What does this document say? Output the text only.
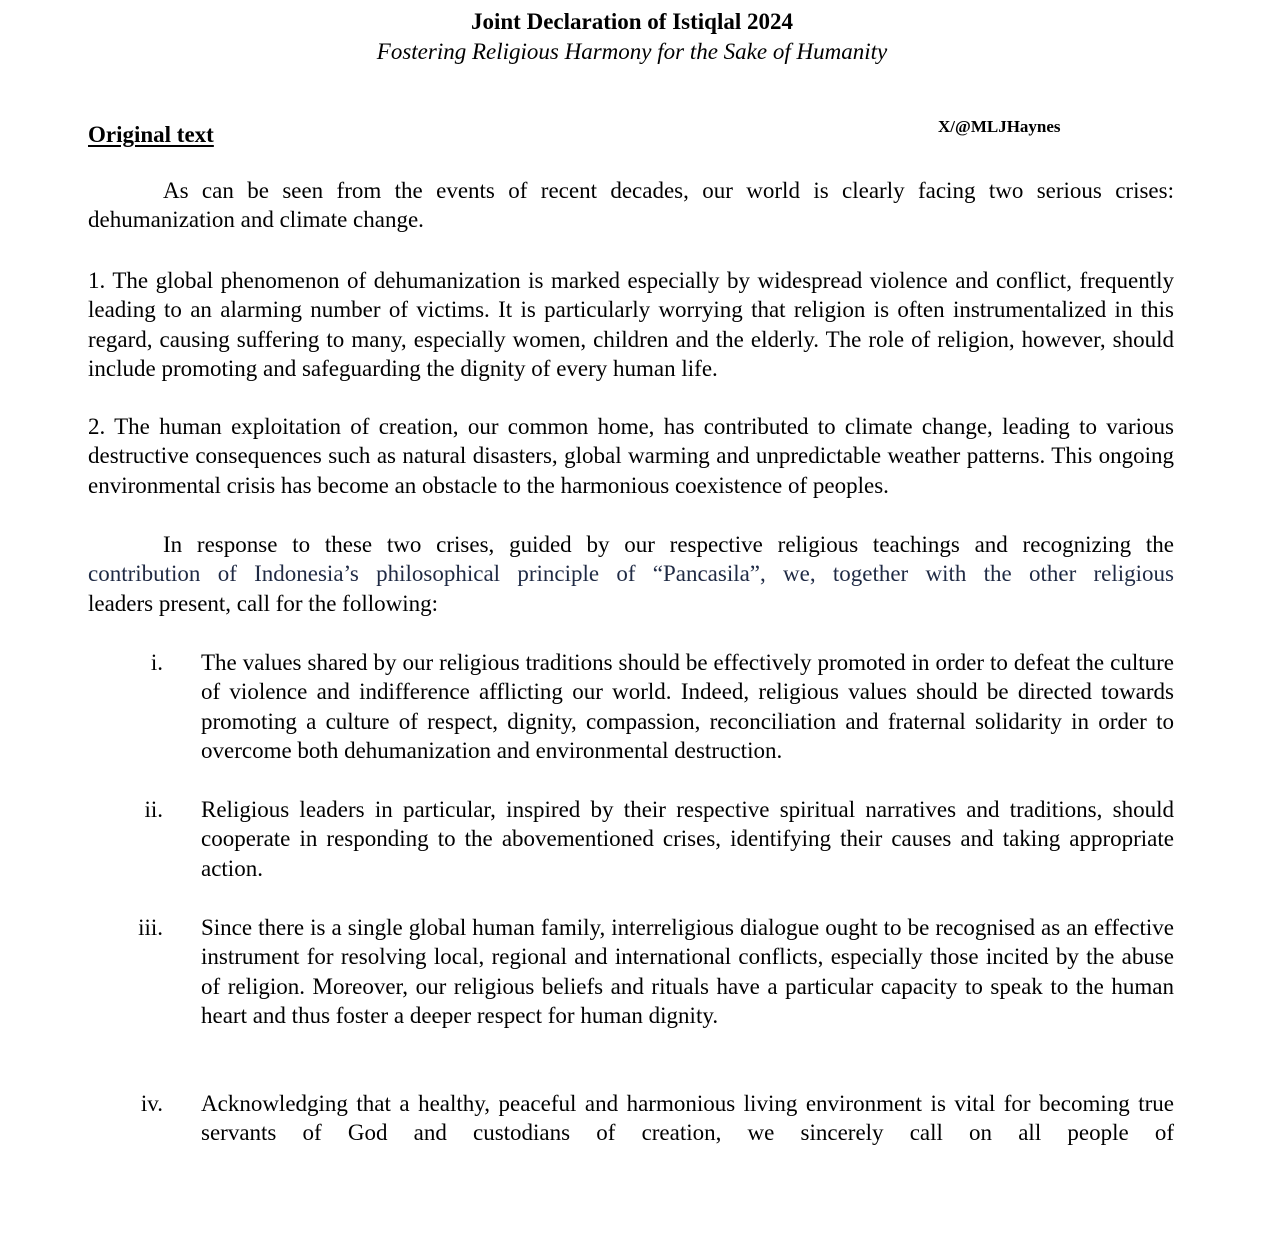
Joint Declaration of Istiqlal 2024
Fostering Religious Harmony for the Sake of Humanity
Original text	X/@MLJHaynes

As can be seen from the events of recent decades, our world is clearly facing two serious crises: dehumanization and climate change.

1. The global phenomenon of dehumanization is marked especially by widespread violence and conflict, frequently leading to an alarming number of victims. It is particularly worrying that religion is often instrumentalized in this regard, causing suffering to many, especially women, children and the elderly. The role of religion, however, should include promoting and safeguarding the dignity of every human life.

2. The human exploitation of creation, our common home, has contributed to climate change, leading to various destructive consequences such as natural disasters, global warming and unpredictable weather patterns. This ongoing environmental crisis has become an obstacle to the harmonious coexistence of peoples.

In response to these two crises, guided by our respective religious teachings and recognizing the
contribution of Indonesia’s philosophical principle of “Pancasila”, we, together with the other religious
leaders present, call for the following:
i. The values shared by our religious traditions should be effectively promoted in order to defeat the culture of violence and indifference afflicting our world. Indeed, religious values should be directed towards promoting a culture of respect, dignity, compassion, reconciliation and fraternal solidarity in order to overcome both dehumanization and environmental destruction.
ii. Religious leaders in particular, inspired by their respective spiritual narratives and traditions, should cooperate in responding to the abovementioned crises, identifying their causes and taking appropriate action.
iii. Since there is a single global human family, interreligious dialogue ought to be recognised as an effective instrument for resolving local, regional and international conflicts, especially those incited by the abuse of religion. Moreover, our religious beliefs and rituals have a particular capacity to speak to the human heart and thus foster a deeper respect for human dignity.
iv. Acknowledging that a healthy, peaceful and harmonious living environment is vital for becoming true servants of God and custodians of creation, we sincerely call on all people of
